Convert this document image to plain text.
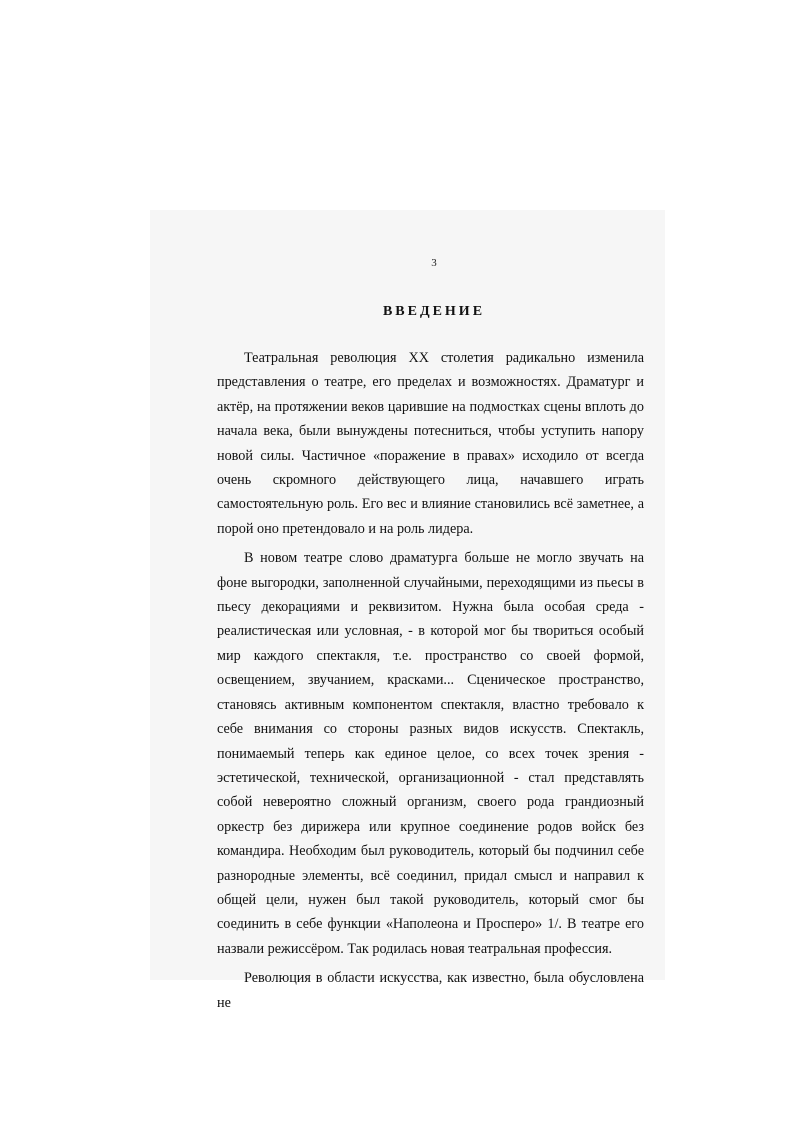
3
ВВЕДЕНИЕ

Театральная революция XX столетия радикально изменила представления о театре, его пределах и возможностях. Драматург и актёр, на протяжении веков царившие на подмостках сцены вплоть до начала века, были вынуждены потесниться, чтобы уступить напору новой силы. Частичное «поражение в правах» исходило от всегда очень скромного действующего лица, начавшего играть самостоятельную роль. Его вес и влияние становились всё заметнее, а порой оно претендовало и на роль лидера.

В новом театре слово драматурга больше не могло звучать на фоне выгородки, заполненной случайными, переходящими из пьесы в пьесу декорациями и реквизитом. Нужна была особая среда - реалистическая или условная, - в которой мог бы твориться особый мир каждого спектакля, т.е. пространство со своей формой, освещением, звучанием, красками... Сценическое пространство, становясь активным компонентом спектакля, властно требовало к себе внимания со стороны разных видов искусств. Спектакль, понимаемый теперь как единое целое, со всех точек зрения - эстетической, технической, организационной - стал представлять собой невероятно сложный организм, своего рода грандиозный оркестр без дирижера или крупное соединение родов войск без командира. Необходим был руководитель, который бы подчинил себе разнородные элементы, всё соединил, придал смысл и направил к общей цели, нужен был такой руководитель, который смог бы соединить в себе функции «Наполеона и Просперо» 1/. В театре его назвали режиссёром. Так родилась новая театральная профессия.

Революция в области искусства, как известно, была обусловлена не
